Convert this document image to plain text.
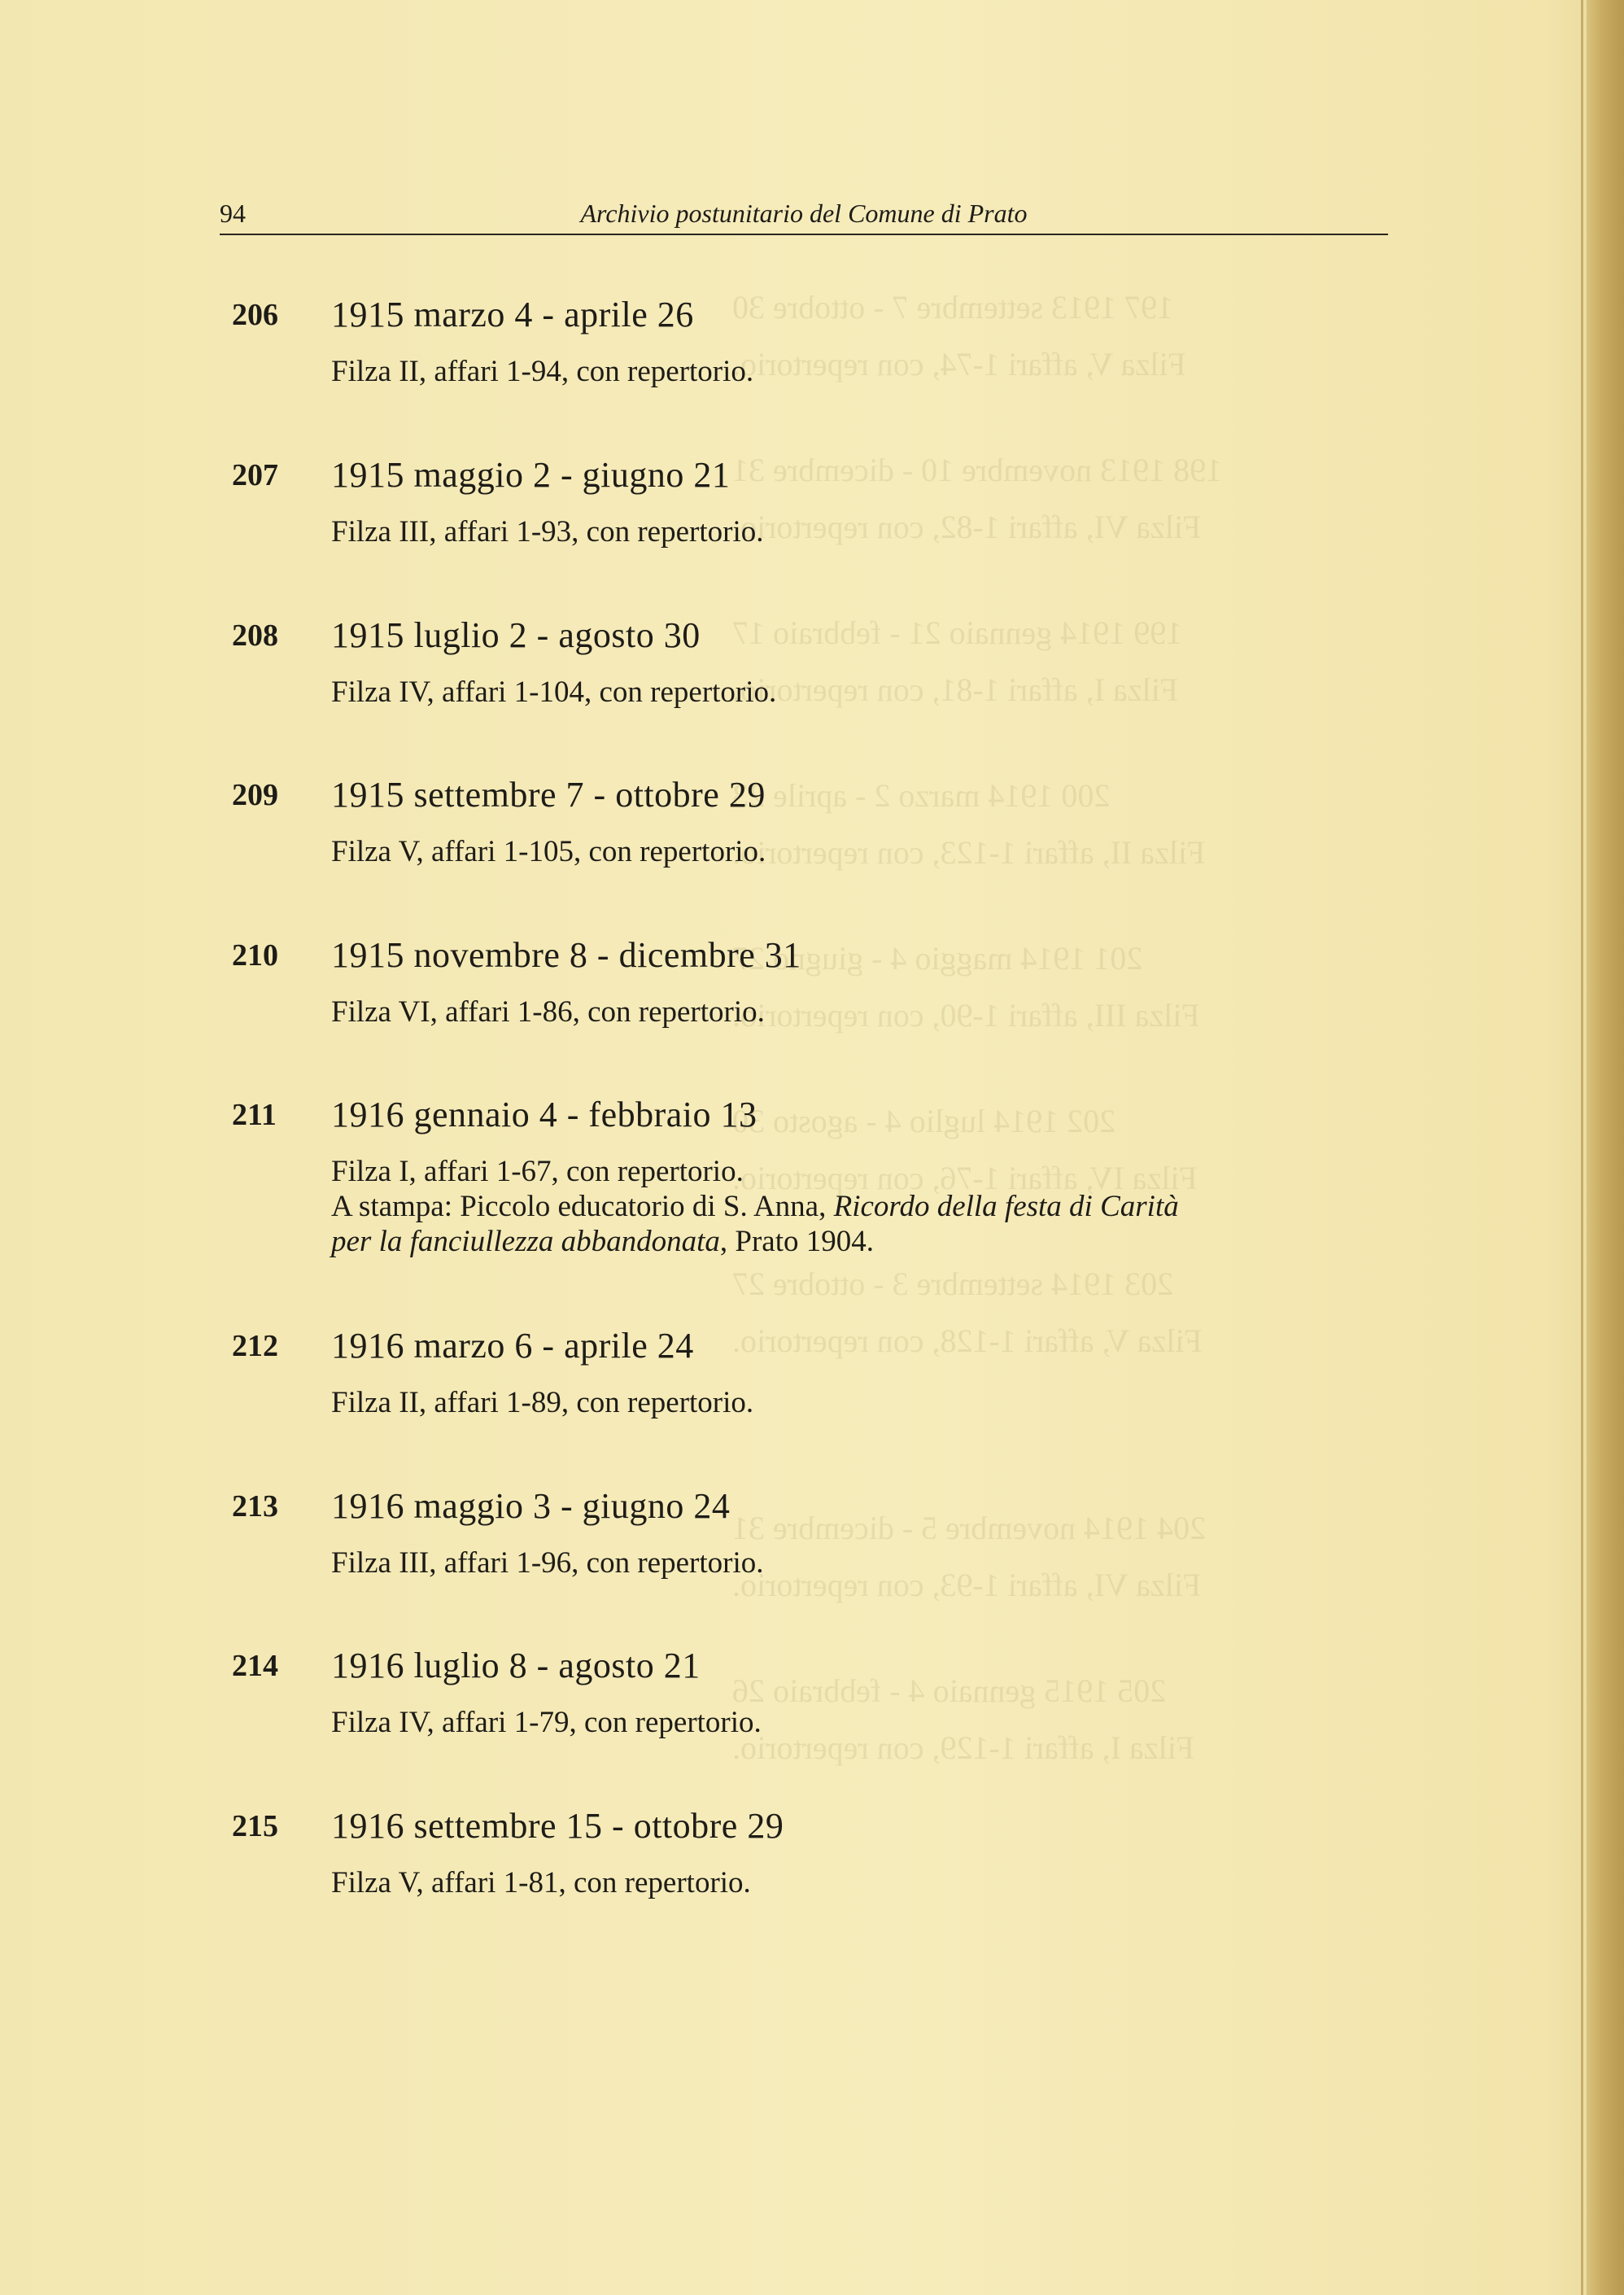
197 1913 settembre 7 - ottobre 30
Filza V, affari 1-74, con repertorio.
198 1913 novembre 10 - dicembre 31
Filza VI, affari 1-82, con repertorio.
199 1914 gennaio 21 - febbraio 17
Filza I, affari 1-81, con repertorio.
200 1914 marzo 2 - aprile 23
Filza II, affari 1-123, con repertorio.
201 1914 maggio 4 - giugno 27
Filza III, affari 1-90, con repertorio.
202 1914 luglio 4 - agosto 30
Filza IV, affari 1-76, con repertorio.
203 1914 settembre 3 - ottobre 27
Filza V, affari 1-128, con repertorio.
204 1914 novembre 5 - dicembre 31
Filza VI, affari 1-93, con repertorio.
205 1915 gennaio 4 - febbraio 26
Filza I, affari 1-129, con repertorio.
94	Archivio postunitario del Comune di Prato
206 1915 marzo 4 - aprile 26
Filza II, affari 1-94, con repertorio.
207 1915 maggio 2 - giugno 21
Filza III, affari 1-93, con repertorio.
208 1915 luglio 2 - agosto 30
Filza IV, affari 1-104, con repertorio.
209 1915 settembre 7 - ottobre 29
Filza V, affari 1-105, con repertorio.
210 1915 novembre 8 - dicembre 31
Filza VI, affari 1-86, con repertorio.
211 1916 gennaio 4 - febbraio 13
Filza I, affari 1-67, con repertorio.
A stampa: Piccolo educatorio di S. Anna, Ricordo della festa di Carità
per la fanciullezza abbandonata, Prato 1904.
212 1916 marzo 6 - aprile 24
Filza II, affari 1-89, con repertorio.
213 1916 maggio 3 - giugno 24
Filza III, affari 1-96, con repertorio.
214 1916 luglio 8 - agosto 21
Filza IV, affari 1-79, con repertorio.
215 1916 settembre 15 - ottobre 29
Filza V, affari 1-81, con repertorio.
